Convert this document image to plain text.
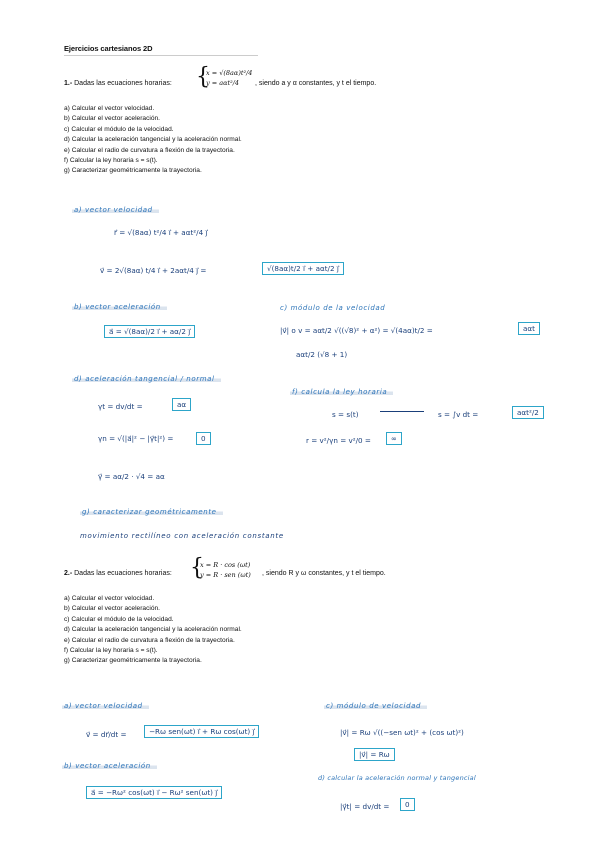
Ejercicios cartesianos 2D
1.- Dadas las ecuaciones horarias: {
x = √(8aα)t²/4
y = aαt²/4	, siendo a y α constantes, y t el tiempo.
a) Calcular el vector velocidad.
b) Calcular el vector aceleración.
c) Calcular el módulo de la velocidad.
d) Calcular la aceleración tangencial y la aceleración normal.
e) Calcular el radio de curvatura a flexión de la trayectoria.
f) Calcular la ley horaria s = s(t).
g) Caracterizar geométricamente la trayectoria.
a) vector velocidad
r⃗ = √(8aα) t²/4 i⃗ + aαt²/4 j⃗
v⃗ = 2√(8aα) t/4 i⃗ + 2aαt/4 j⃗ =	√(8aα)t/2 i⃗ + aαt/2 j⃗
b) vector aceleración
a⃗ = √(8aα)/2 i⃗ + aα/2 j⃗
c) módulo de la velocidad
|v⃗| o v = aαt/2 √((√8)² + α²) = √(4aα)t/2 =	aαt
aαt/2 (√8 + 1)
d) aceleración tangencial / normal
γt = dv/dt =	aα
γn = √(|a⃗|² − |γ⃗t|²) =	0
γ⃗ = aα/2 · √4 = aα
f) calcula la ley horaria
s = s(t)	s = ∫v dt =	aαt²/2
r = v²/γn = v²/0 =	∞
g) caracterizar geométricamente
movimiento rectilíneo con aceleración constante
2.- Dadas las ecuaciones horarias: {
x = R · cos (ωt)
y = R · sen (ωt) , siendo R y ω constantes, y t el tiempo.
a) Calcular el vector velocidad.
b) Calcular el vector aceleración.
c) Calcular el módulo de la velocidad.
d) Calcular la aceleración tangencial y la aceleración normal.
e) Calcular el radio de curvatura a flexión de la trayectoria.
f) Calcular la ley horaria s = s(t).
g) Caracterizar geométricamente la trayectoria.
a) vector velocidad
v⃗ = dr⃗/dt =	−Rω sen(ωt) i⃗ + Rω cos(ωt) j⃗
b) vector aceleración
a⃗ = −Rω² cos(ωt) i⃗ − Rω² sen(ωt) j⃗
c) módulo de velocidad
|v⃗| = Rω √((−sen ωt)² + (cos ωt)²)
|v⃗| = Rω
d) calcular la aceleración normal y tangencial
|γ⃗t| = dv/dt =	0
